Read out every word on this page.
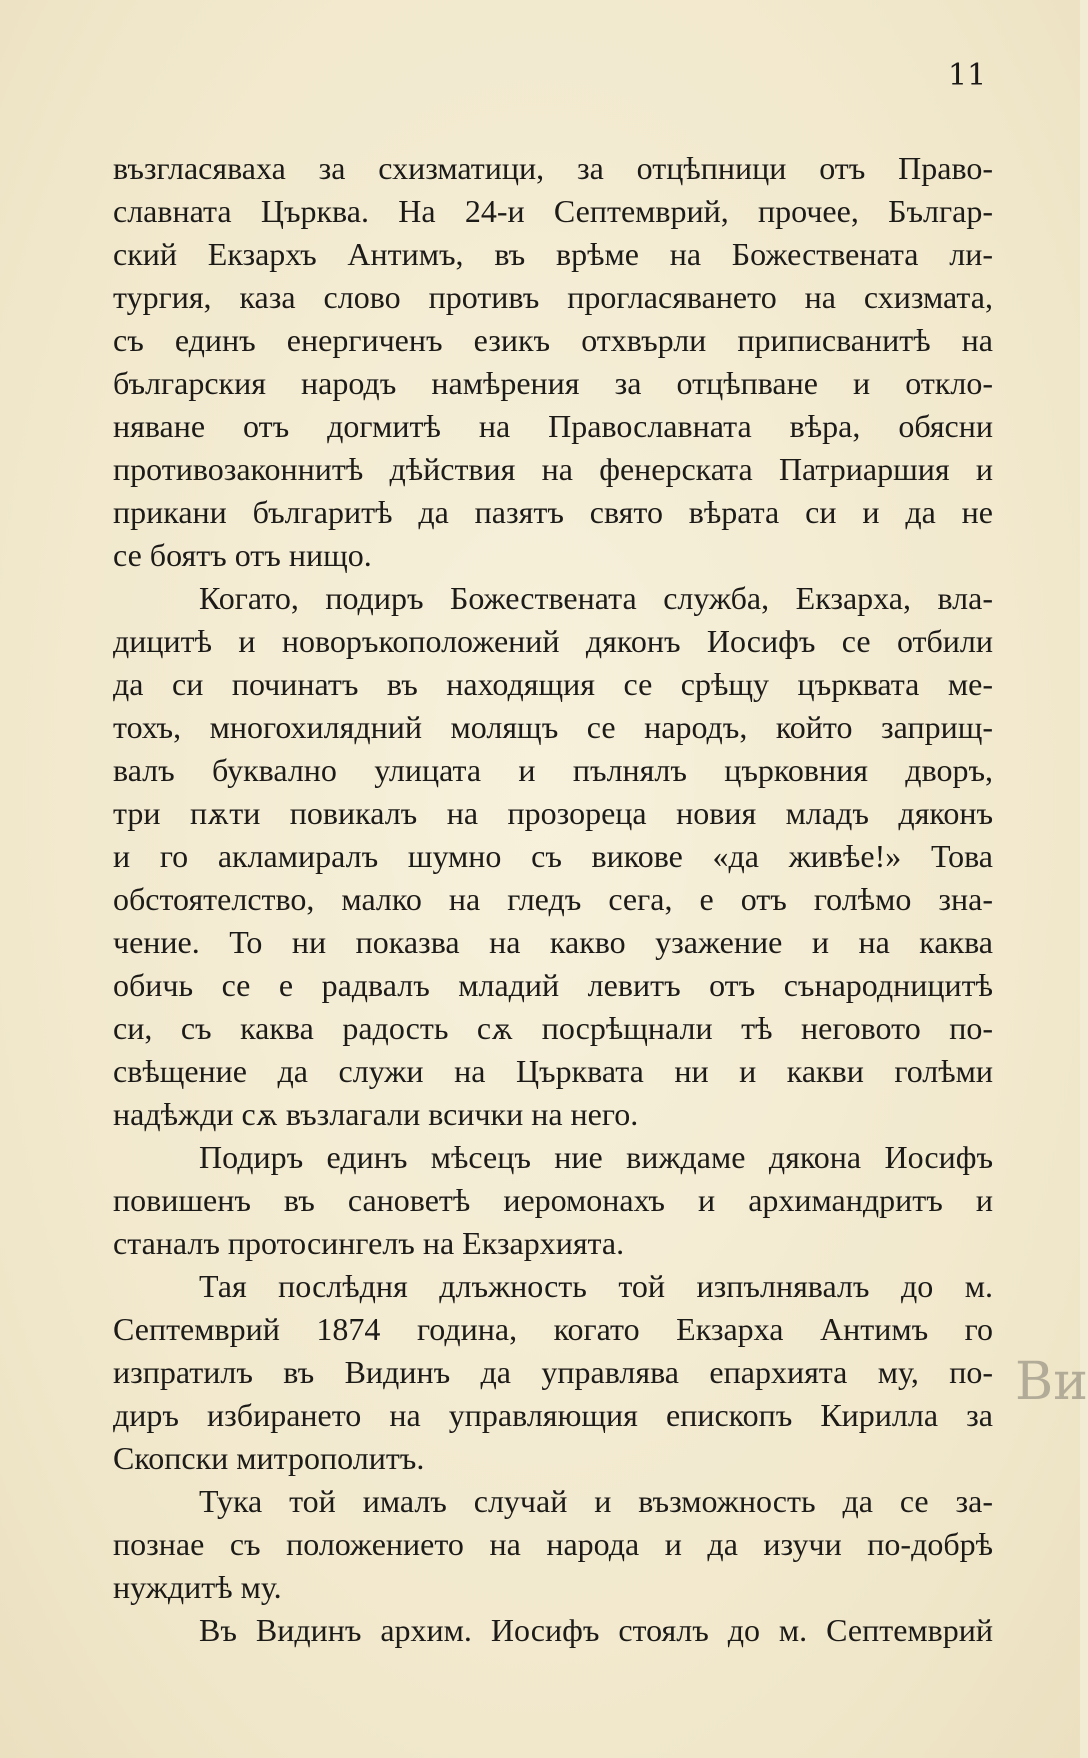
11
възгласяваха за схизматици, за отцѣпници отъ Право-
славната Църква. На 24-и Септемврий, прочее, Българ-
ский Екзархъ Антимъ, въ врѣме на Божествената ли-
тургия, каза слово противъ прогласяването на схизмата,
съ единъ енергиченъ езикъ отхвърли приписванитѣ на
българския народъ намѣрения за отцѣпване и откло-
няване отъ догмитѣ на Православната вѣра, обясни
противозаконнитѣ дѣйствия на фенерската Патриаршия и
прикани българитѣ да пазятъ свято вѣрата си и да не
се боятъ отъ нищо.
Когато, подиръ Божествената служба, Екзарха, вла-
дицитѣ и новоръкоположений дяконъ Иосифъ се отбили
да си починатъ въ находящия се срѣщу църквата ме-
тохъ, многохилядний молящъ се народъ, който заприщ-
валъ буквално улицата и пълнялъ църковния дворъ,
три пѫти повикалъ на прозореца новия младъ дяконъ
и го акламиралъ шумно съ викове «да живѣе!» Това
обстоятелство, малко на гледъ сега, е отъ голѣмо зна-
чение. То ни показва на какво узажение и на каква
обичь се е радвалъ младий левитъ отъ сънародницитѣ
си, съ каква радость сѫ посрѣщнали тѣ неговото по-
свѣщение да служи на Църквата ни и какви голѣми
надѣжди сѫ възлагали всички на него.
Подиръ единъ мѣсецъ ние виждаме дякона Иосифъ
повишенъ въ сановетѣ иеромонахъ и архимандритъ и
станалъ протосингелъ на Екзархията.
Тая послѣдня длъжность той изпълнявалъ до м.
Септемврий 1874 година, когато Екзарха Антимъ го
изпратилъ въ Видинъ да управлява епархията му, по-
диръ избирането на управляющия епископъ Кирилла за
Скопски митрополитъ.
Тука той ималъ случай и възможность да се за-
познае съ положението на народа и да изучи по-добрѣ
нуждитѣ му.
Въ Видинъ архим. Иосифъ стоялъ до м. Септемврий
Ви
